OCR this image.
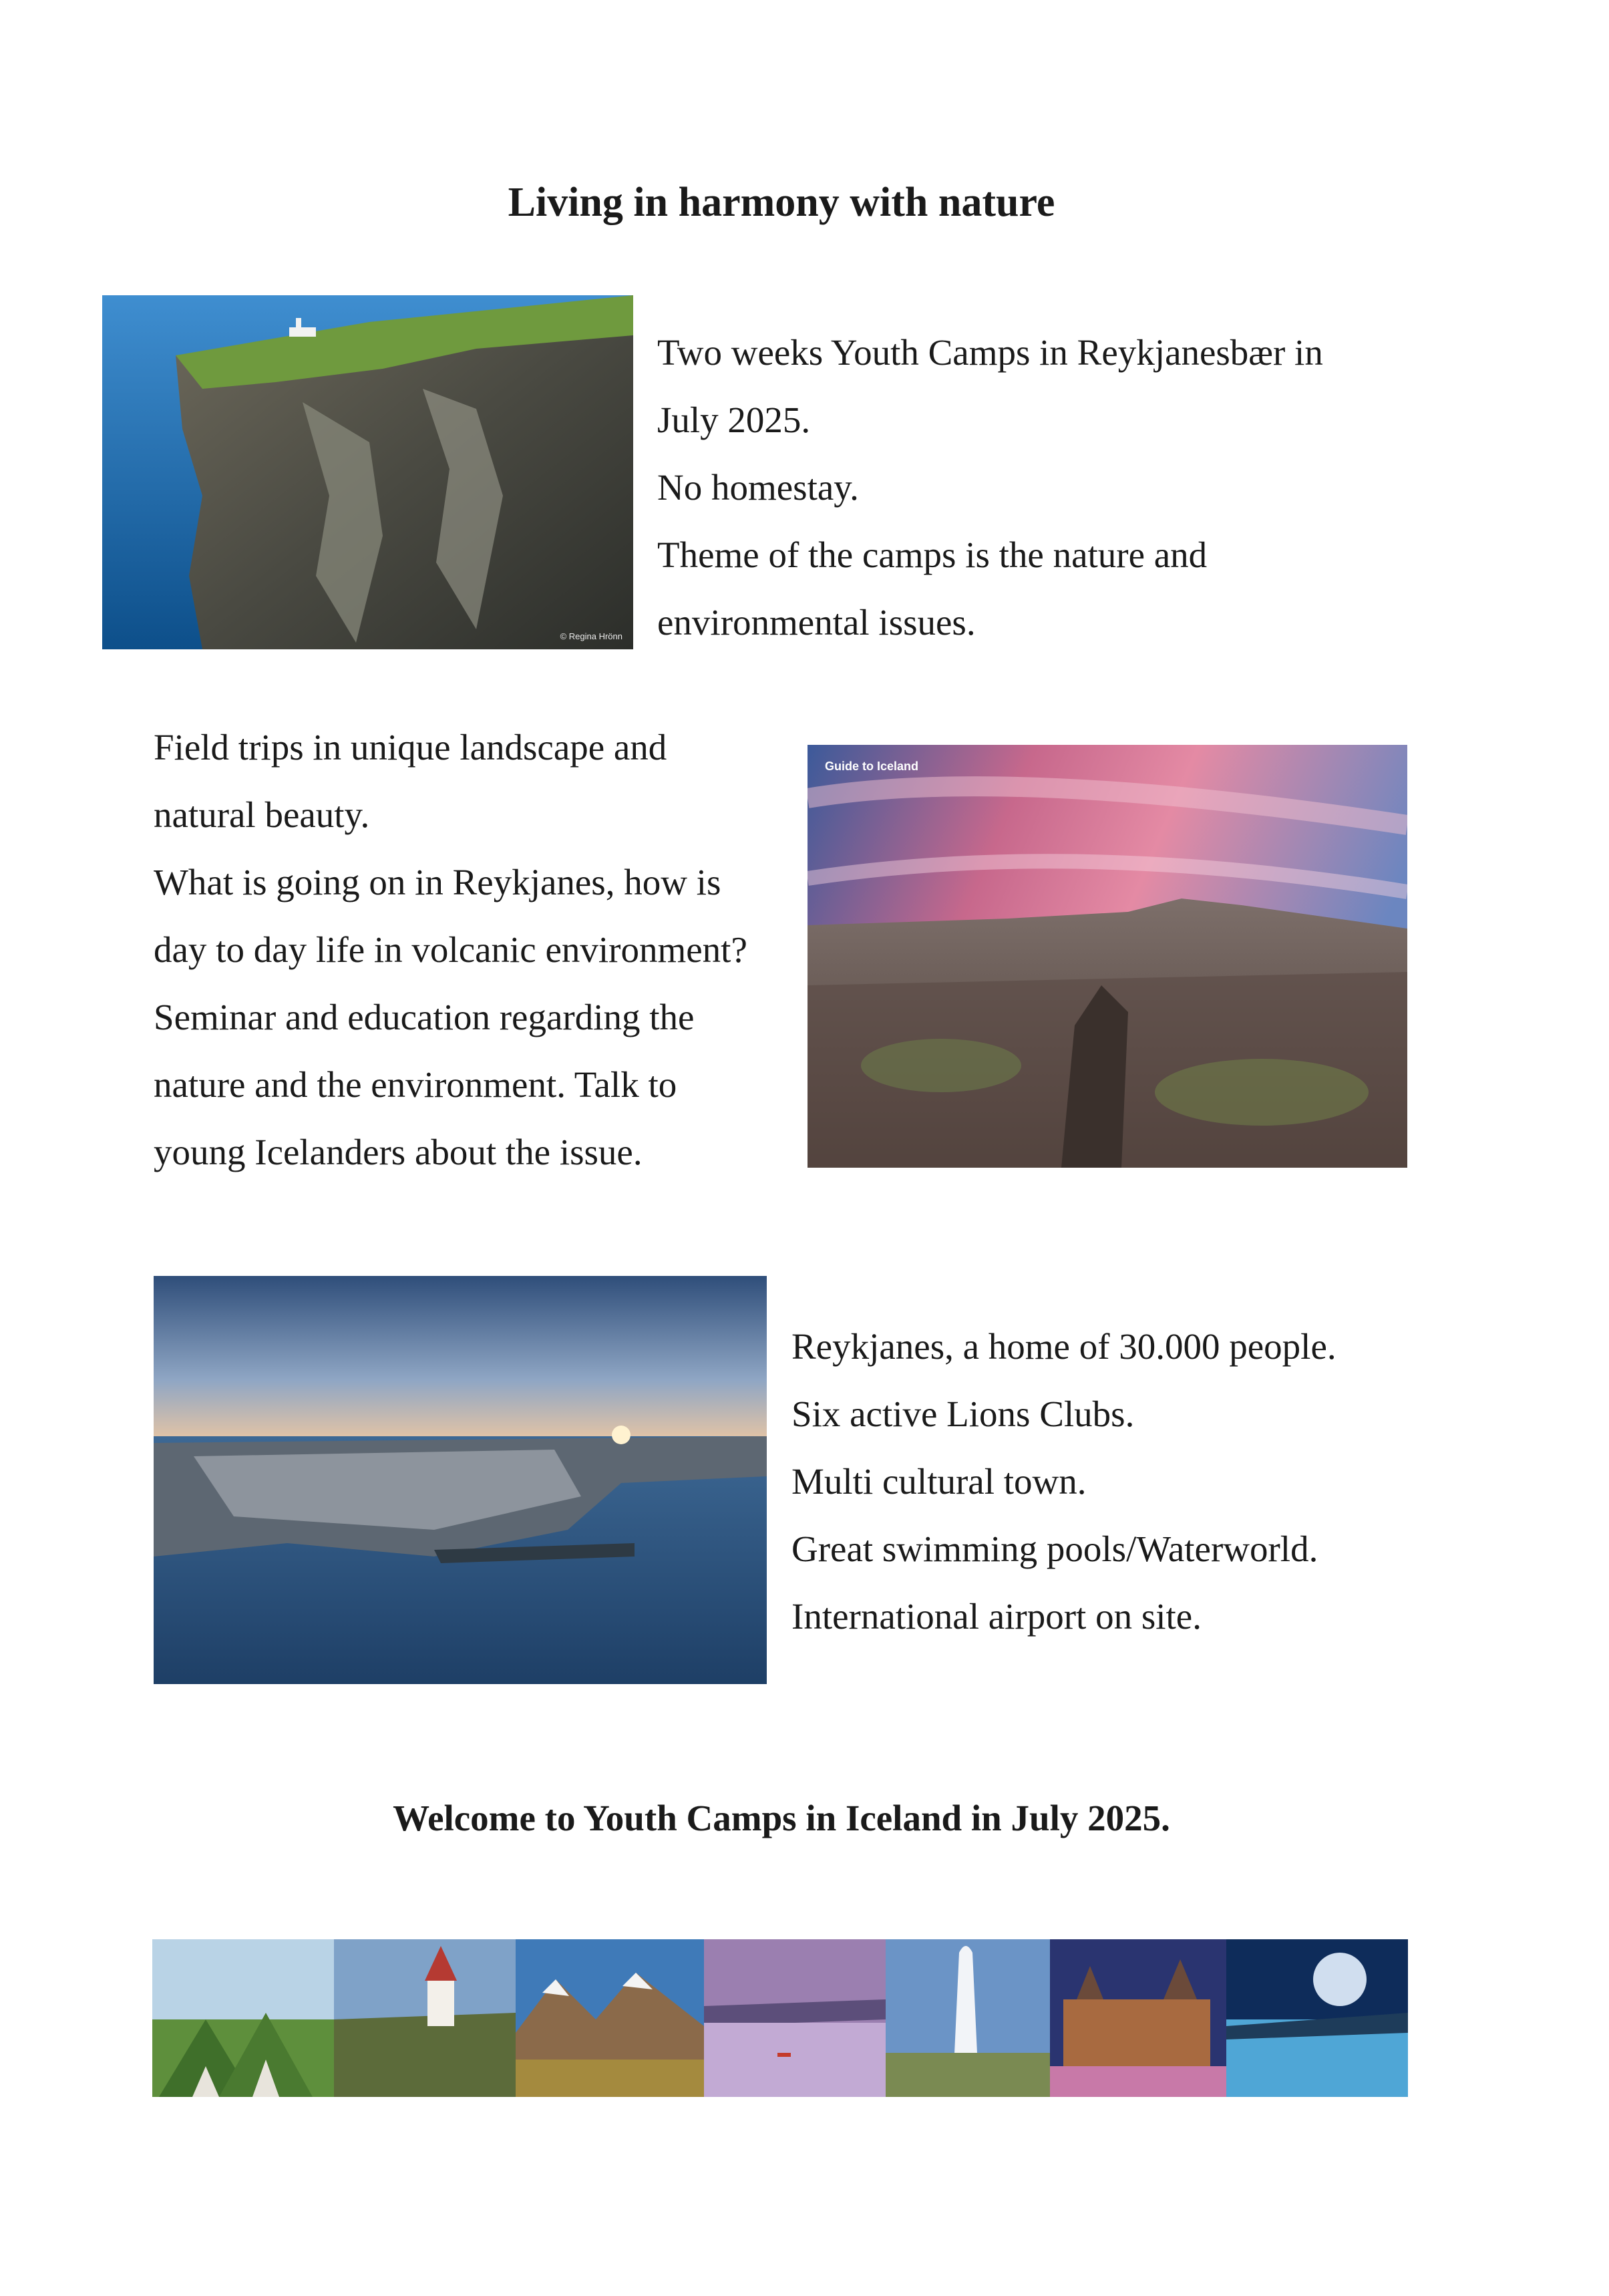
Living in harmony with nature
© Regina Hrönn
Two weeks Youth Camps in Reykjanesbær in
July 2025.
No homestay.
Theme of the camps is the nature and
environmental issues.
Field trips in unique landscape and
natural beauty.
What is going on in Reykjanes, how is
day to day life in volcanic environment?
Seminar and education regarding the
nature and the environment. Talk to
young Icelanders about the issue.
Guide to Iceland
Reykjanes, a home of 30.000 people.
Six active Lions Clubs.
Multi cultural town.
Great swimming pools/Waterworld.
International airport on site.
Welcome to Youth Camps in Iceland in July 2025.
